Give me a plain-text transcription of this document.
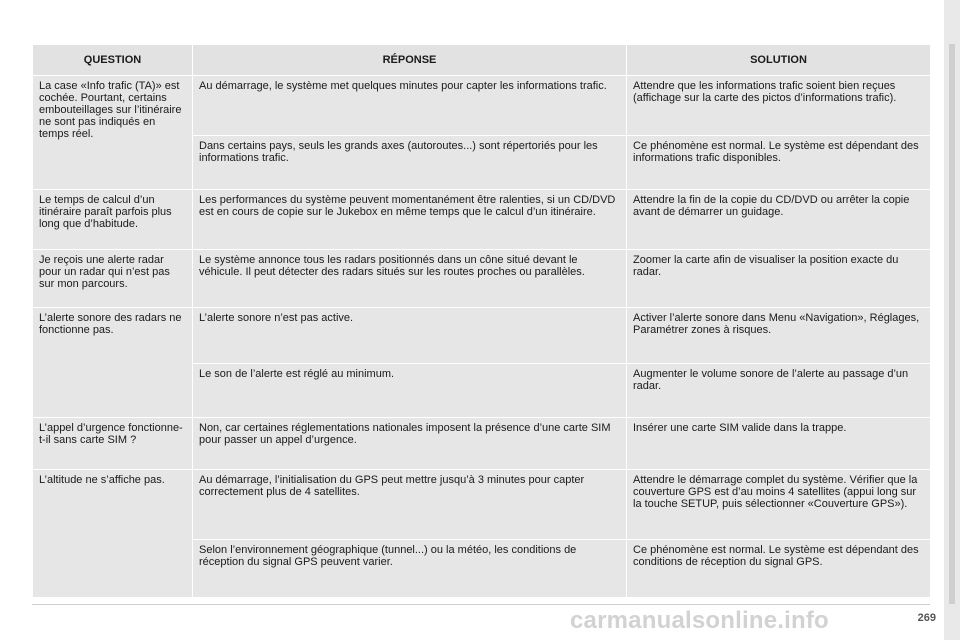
QUESTION	RÉPONSE	SOLUTION
La case «Info trafic (TA)» est cochée. Pourtant, certains embouteillages sur l’itinéraire ne sont pas indiqués en temps réel.	Au démarrage, le système met quelques minutes pour capter les informations trafic.	Attendre que les informations trafic soient bien reçues (affichage sur la carte des pictos d’informations trafic).
	Dans certains pays, seuls les grands axes (autoroutes...) sont répertoriés pour les informations trafic.	Ce phénomène est normal. Le système est dépendant des informations trafic disponibles.
Le temps de calcul d’un itinéraire paraît parfois plus long que d’habitude.	Les performances du système peuvent momentanément être ralenties, si un CD/DVD est en cours de copie sur le Jukebox en même temps que le calcul d’un itinéraire.	Attendre la fin de la copie du CD/DVD ou arrêter la copie avant de démarrer un guidage.
Je reçois une alerte radar pour un radar qui n’est pas sur mon parcours.	Le système annonce tous les radars positionnés dans un cône situé devant le véhicule. Il peut détecter des radars situés sur les routes proches ou parallèles.	Zoomer la carte afin de visualiser la position exacte du radar.
L’alerte sonore des radars ne fonctionne pas.	L’alerte sonore n’est pas active.	Activer l’alerte sonore dans Menu «Navigation», Réglages, Paramétrer zones à risques.
	Le son de l’alerte est réglé au minimum.	Augmenter le volume sonore de l’alerte au passage d’un radar.
L’appel d’urgence fonctionne-t-il sans carte SIM ?	Non, car certaines réglementations nationales imposent la présence d’une carte SIM pour passer un appel d’urgence.	Insérer une carte SIM valide dans la trappe.
L’altitude ne s’affiche pas.	Au démarrage, l’initialisation du GPS peut mettre jusqu’à 3 minutes pour capter correctement plus de 4 satellites.	Attendre le démarrage complet du système. Vérifier que la couverture GPS est d’au moins 4 satellites (appui long sur la touche SETUP, puis sélectionner «Couverture GPS»).
	Selon l’environnement géographique (tunnel...) ou la météo, les conditions de réception du signal GPS peuvent varier.	Ce phénomène est normal. Le système est dépendant des conditions de réception du signal GPS.
carmanualsonline.info	269
